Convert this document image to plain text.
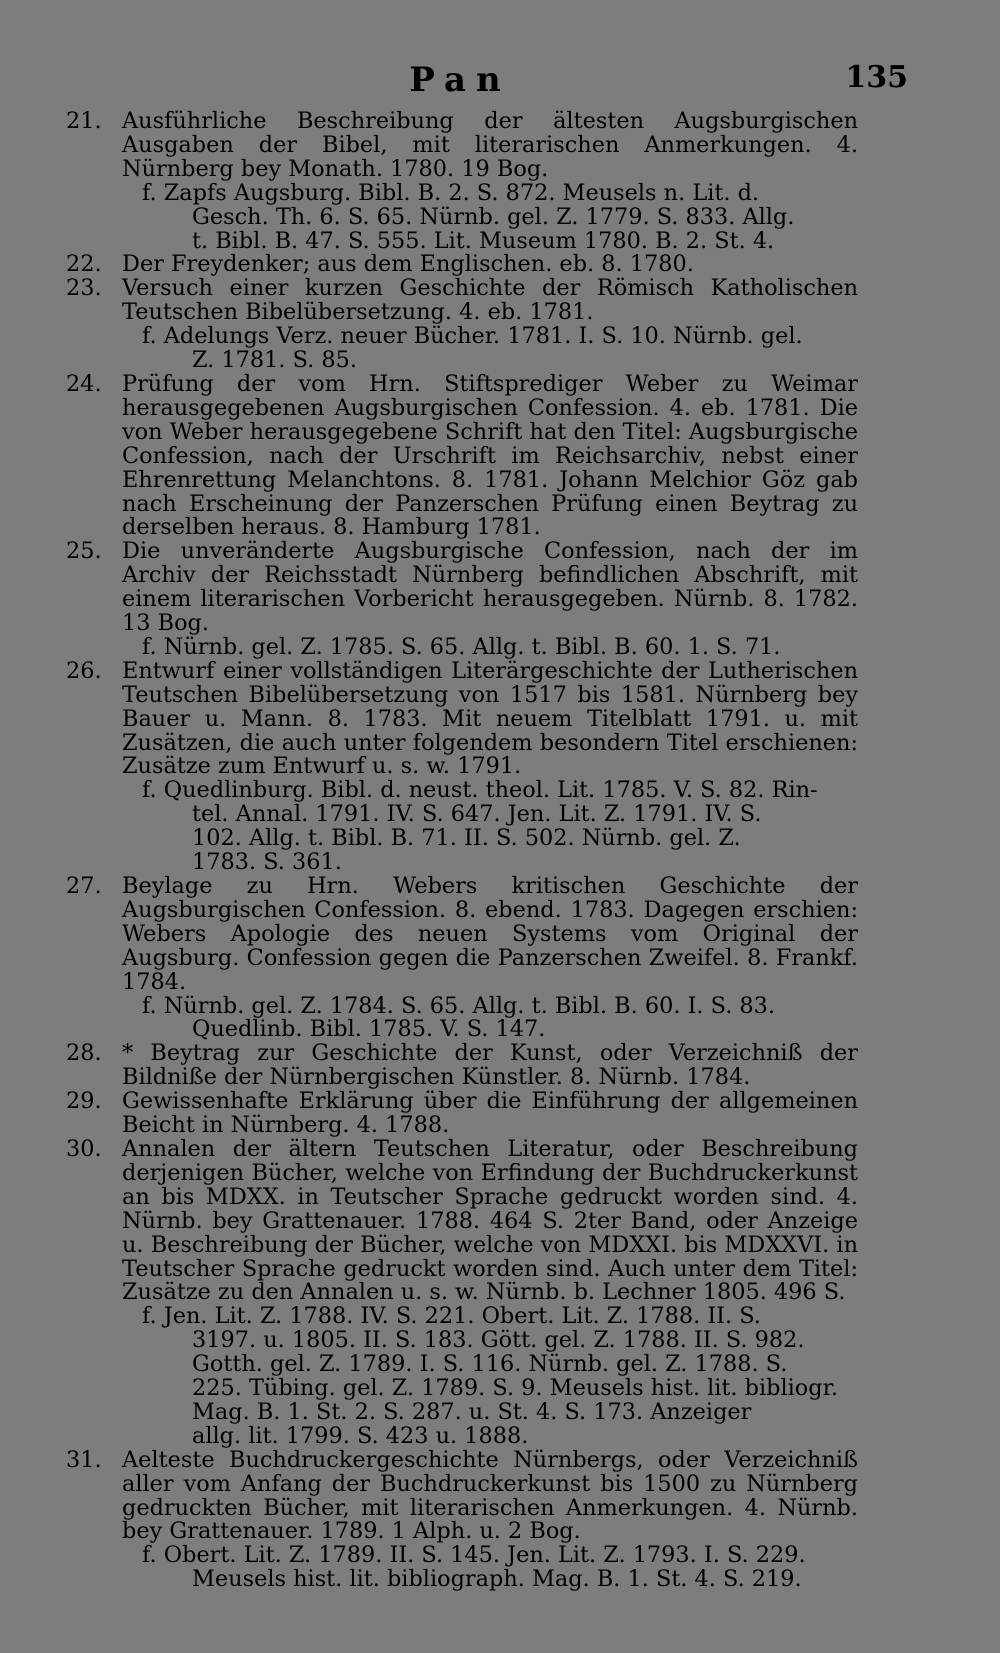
Pan	135
21. Ausführliche Beschreibung der ältesten Augsburgischen Ausgaben der Bibel, mit literarischen Anmerkungen. 4. Nürnberg bey Monath. 1780. 19 Bog.
f. Zapfs Augsburg. Bibl. B. 2. S. 872. Meusels n. Lit. d.
Gesch. Th. 6. S. 65. Nürnb. gel. Z. 1779. S. 833. Allg.
t. Bibl. B. 47. S. 555. Lit. Museum 1780. B. 2. St. 4.
22. Der Freydenker; aus dem Englischen. eb. 8. 1780.
23. Versuch einer kurzen Geschichte der Römisch Katholischen Teutschen Bibelübersetzung. 4. eb. 1781.
f. Adelungs Verz. neuer Bücher. 1781. I. S. 10. Nürnb. gel.
Z. 1781. S. 85.
24. Prüfung der vom Hrn. Stiftsprediger Weber zu Weimar herausgegebenen Augsburgischen Confession. 4. eb. 1781. Die von Weber herausgegebene Schrift hat den Titel: Augsburgische Confession, nach der Urschrift im Reichsarchiv, nebst einer Ehrenrettung Melanchtons. 8. 1781. Johann Melchior Göz gab nach Erscheinung der Panzerschen Prüfung einen Beytrag zu derselben heraus. 8. Hamburg 1781.
25. Die unveränderte Augsburgische Confession, nach der im Archiv der Reichsstadt Nürnberg befindlichen Abschrift, mit einem literarischen Vorbericht herausgegeben. Nürnb. 8. 1782. 13 Bog.
f. Nürnb. gel. Z. 1785. S. 65. Allg. t. Bibl. B. 60. 1. S. 71.
26. Entwurf einer vollständigen Literärgeschichte der Lutherischen Teutschen Bibelübersetzung von 1517 bis 1581. Nürnberg bey Bauer u. Mann. 8. 1783. Mit neuem Titelblatt 1791. u. mit Zusätzen, die auch unter folgendem besondern Titel erschienen: Zusätze zum Entwurf u. s. w. 1791.
f. Quedlinburg. Bibl. d. neust. theol. Lit. 1785. V. S. 82. Rin-
tel. Annal. 1791. IV. S. 647. Jen. Lit. Z. 1791. IV. S.
102. Allg. t. Bibl. B. 71. II. S. 502. Nürnb. gel. Z.
1783. S. 361.
27. Beylage zu Hrn. Webers kritischen Geschichte der Augsburgischen Confession. 8. ebend. 1783. Dagegen erschien: Webers Apologie des neuen Systems vom Original der Augsburg. Confession gegen die Panzerschen Zweifel. 8. Frankf. 1784.
f. Nürnb. gel. Z. 1784. S. 65. Allg. t. Bibl. B. 60. I. S. 83.
Quedlinb. Bibl. 1785. V. S. 147.
28. * Beytrag zur Geschichte der Kunst, oder Verzeichniß der Bildniße der Nürnbergischen Künstler. 8. Nürnb. 1784.
29. Gewissenhafte Erklärung über die Einführung der allgemeinen Beicht in Nürnberg. 4. 1788.
30. Annalen der ältern Teutschen Literatur, oder Beschreibung derjenigen Bücher, welche von Erfindung der Buchdruckerkunst an bis MDXX. in Teutscher Sprache gedruckt worden sind. 4. Nürnb. bey Grattenauer. 1788. 464 S. 2ter Band, oder Anzeige u. Beschreibung der Bücher, welche von MDXXI. bis MDXXVI. in Teutscher Sprache gedruckt worden sind. Auch unter dem Titel: Zusätze zu den Annalen u. s. w. Nürnb. b. Lechner 1805. 496 S.
f. Jen. Lit. Z. 1788. IV. S. 221. Obert. Lit. Z. 1788. II. S.
3197. u. 1805. II. S. 183. Gött. gel. Z. 1788. II. S. 982.
Gotth. gel. Z. 1789. I. S. 116. Nürnb. gel. Z. 1788. S.
225. Tübing. gel. Z. 1789. S. 9. Meusels hist. lit. bibliogr.
Mag. B. 1. St. 2. S. 287. u. St. 4. S. 173. Anzeiger
allg. lit. 1799. S. 423 u. 1888.
31. Aelteste Buchdruckergeschichte Nürnbergs, oder Verzeichniß aller vom Anfang der Buchdruckerkunst bis 1500 zu Nürnberg gedruckten Bücher, mit literarischen Anmerkungen. 4. Nürnb. bey Grattenauer. 1789. 1 Alph. u. 2 Bog.
f. Obert. Lit. Z. 1789. II. S. 145. Jen. Lit. Z. 1793. I. S. 229.
Meusels hist. lit. bibliograph. Mag. B. 1. St. 4. S. 219.
